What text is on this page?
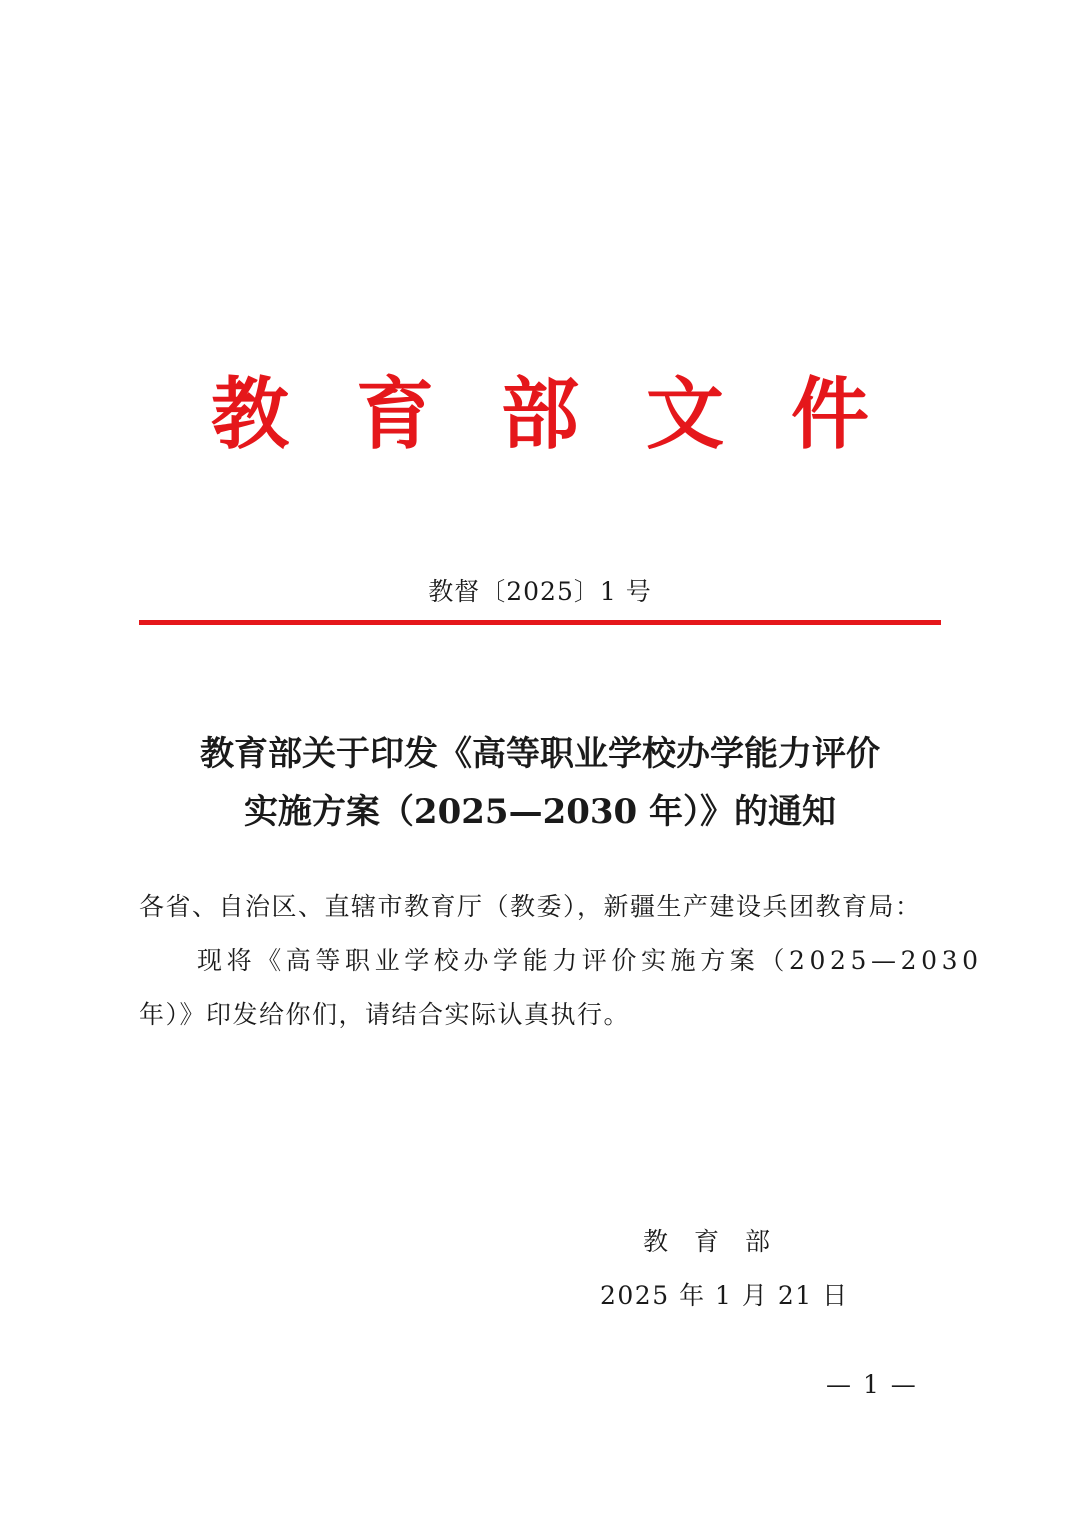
教 育 部 文 件
教督〔2025〕1 号
教育部关于印发《高等职业学校办学能力评价
实施方案（2025—2030 年）》的通知
各省、自治区、直辖市教育厅（教委），新疆生产建设兵团教育局：
现将《高等职业学校办学能力评价实施方案（2025—2030
年）》印发给你们，请结合实际认真执行。
教育部
2025 年 1 月 21 日
— 1 —
